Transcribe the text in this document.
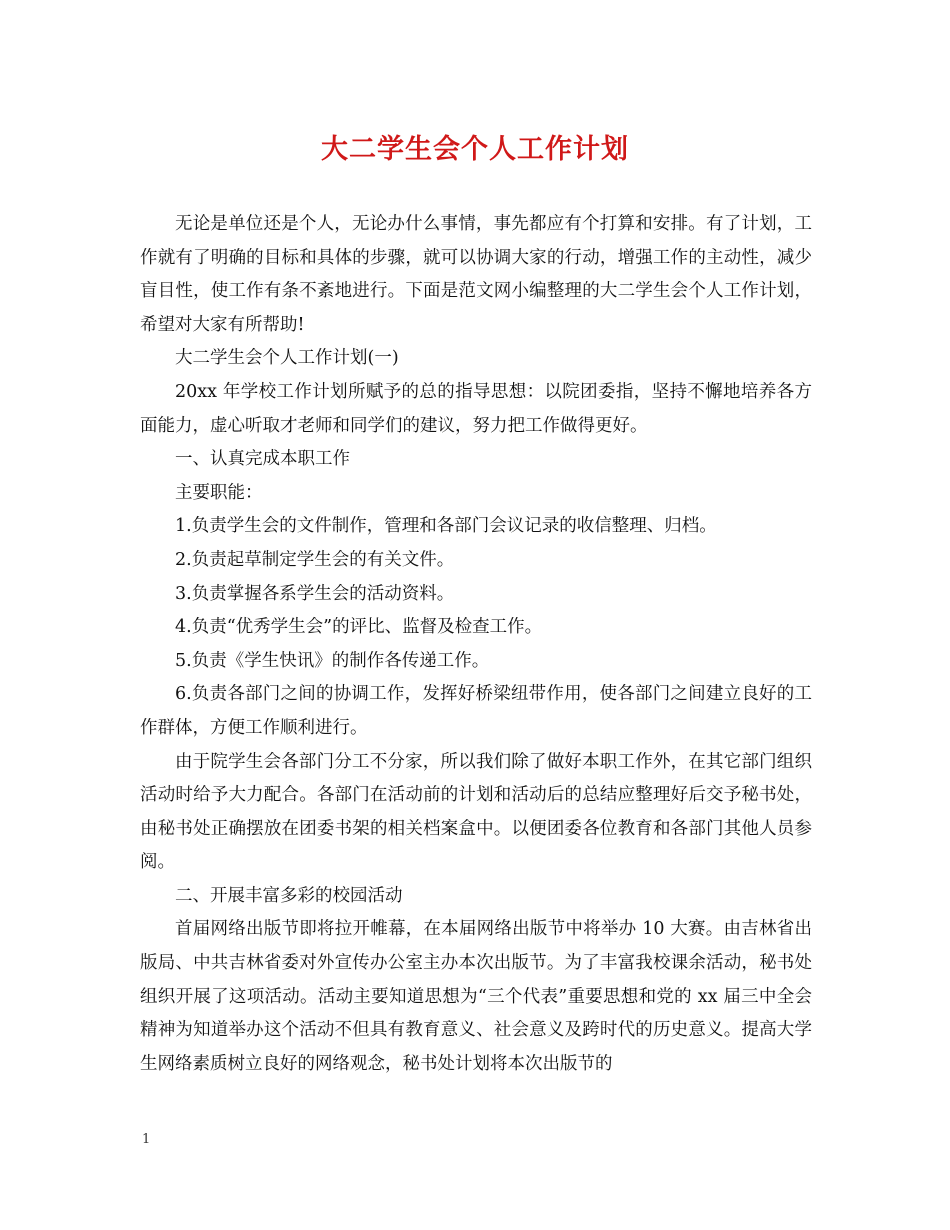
大二学生会个人工作计划

无论是单位还是个人，无论办什么事情，事先都应有个打算和安排。有了计划，工作就有了明确的目标和具体的步骤，就可以协调大家的行动，增强工作的主动性，减少盲目性，使工作有条不紊地进行。下面是范文网小编整理的大二学生会个人工作计划，希望对大家有所帮助!

大二学生会个人工作计划(一)

20xx 年学校工作计划所赋予的总的指导思想：以院团委指，坚持不懈地培养各方面能力，虚心听取才老师和同学们的建议，努力把工作做得更好。

一、认真完成本职工作

主要职能：

1.负责学生会的文件制作，管理和各部门会议记录的收信整理、归档。

2.负责起草制定学生会的有关文件。

3.负责掌握各系学生会的活动资料。

4.负责“优秀学生会”的评比、监督及检查工作。

5.负责《学生快讯》的制作各传递工作。

6.负责各部门之间的协调工作，发挥好桥梁纽带作用，使各部门之间建立良好的工作群体，方便工作顺利进行。

由于院学生会各部门分工不分家，所以我们除了做好本职工作外，在其它部门组织活动时给予大力配合。各部门在活动前的计划和活动后的总结应整理好后交予秘书处，由秘书处正确摆放在团委书架的相关档案盒中。以便团委各位教育和各部门其他人员参阅。

二、开展丰富多彩的校园活动

首届网络出版节即将拉开帷幕，在本届网络出版节中将举办 10 大赛。由吉林省出版局、中共吉林省委对外宣传办公室主办本次出版节。为了丰富我校课余活动，秘书处组织开展了这项活动。活动主要知道思想为“三个代表”重要思想和党的 xx 届三中全会精神为知道举办这个活动不但具有教育意义、社会意义及跨时代的历史意义。提高大学生网络素质树立良好的网络观念，秘书处计划将本次出版节的

1
